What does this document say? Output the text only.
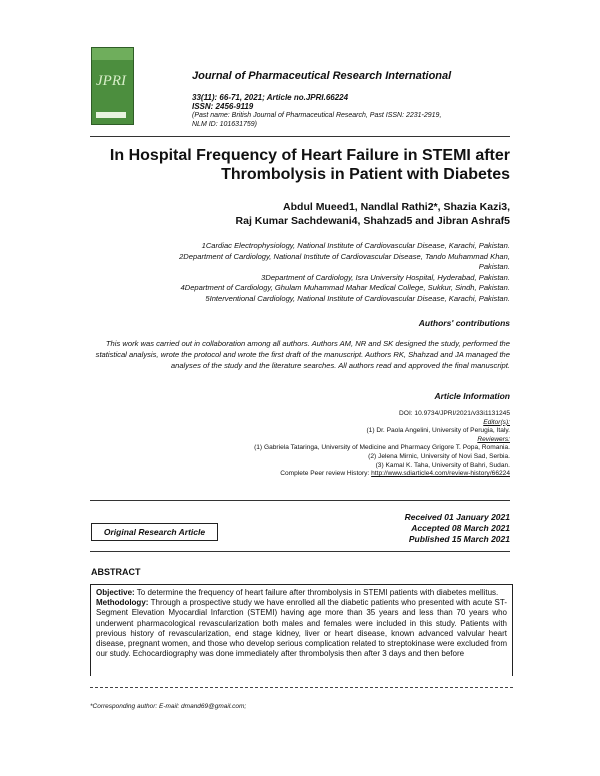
JPRI	Journal of Pharmaceutical Research International
33(11): 66-71, 2021; Article no.JPRI.66224
ISSN: 2456-9119
(Past name: British Journal of Pharmaceutical Research, Past ISSN: 2231-2919,
NLM ID: 101631759)
In Hospital Frequency of Heart Failure in STEMI after
Thrombolysis in Patient with Diabetes
Abdul Mueed1, Nandlal Rathi2*, Shazia Kazi3,
Raj Kumar Sachdewani4, Shahzad5 and Jibran Ashraf5
1Cardiac Electrophysiology, National Institute of Cardiovascular Disease, Karachi, Pakistan.
2Department of Cardiology, National Institute of Cardiovascular Disease, Tando Muhammad Khan,
Pakistan.
3Department of Cardiology, Isra University Hospital, Hyderabad, Pakistan.
4Department of Cardiology, Ghulam Muhammad Mahar Medical College, Sukkur, Sindh, Pakistan.
5Interventional Cardiology, National Institute of Cardiovascular Disease, Karachi, Pakistan.
Authors' contributions
This work was carried out in collaboration among all authors. Authors AM, NR and SK designed the study, performed the statistical analysis, wrote the protocol and wrote the first draft of the manuscript. Authors RK, Shahzad and JA managed the analyses of the study and the literature searches. All authors read and approved the final manuscript.
Article Information
DOI: 10.9734/JPRI/2021/v33i1131245
Editor(s):
(1) Dr. Paola Angelini, University of Perugia, Italy.
Reviewers:
(1) Gabriela Tataringa, University of Medicine and Pharmacy Grigore T. Popa, Romania.
(2) Jelena Mirnic, University of Novi Sad, Serbia.
(3) Kamal K. Taha, University of Bahri, Sudan.
Complete Peer review History: http://www.sdiarticle4.com/review-history/66224
Original Research Article
Received 01 January 2021
Accepted 08 March 2021
Published 15 March 2021
ABSTRACT

Objective: To determine the frequency of heart failure after thrombolysis in STEMI patients with diabetes mellitus.

Methodology: Through a prospective study we have enrolled all the diabetic patients who presented with acute ST-Segment Elevation Myocardial Infarction (STEMI) having age more than 35 years and less than 70 years who underwent pharmacological revascularization both males and females were included in this study. Patients with previous history of revascularization, end stage kidney, liver or heart disease, known advanced valvular heart disease, pregnant women, and those who develop serious complication related to streptokinase were excluded from our study. Echocardiography was done immediately after thrombolysis then after 3 days and then before

*Corresponding author: E-mail: dmand69@gmail.com;
